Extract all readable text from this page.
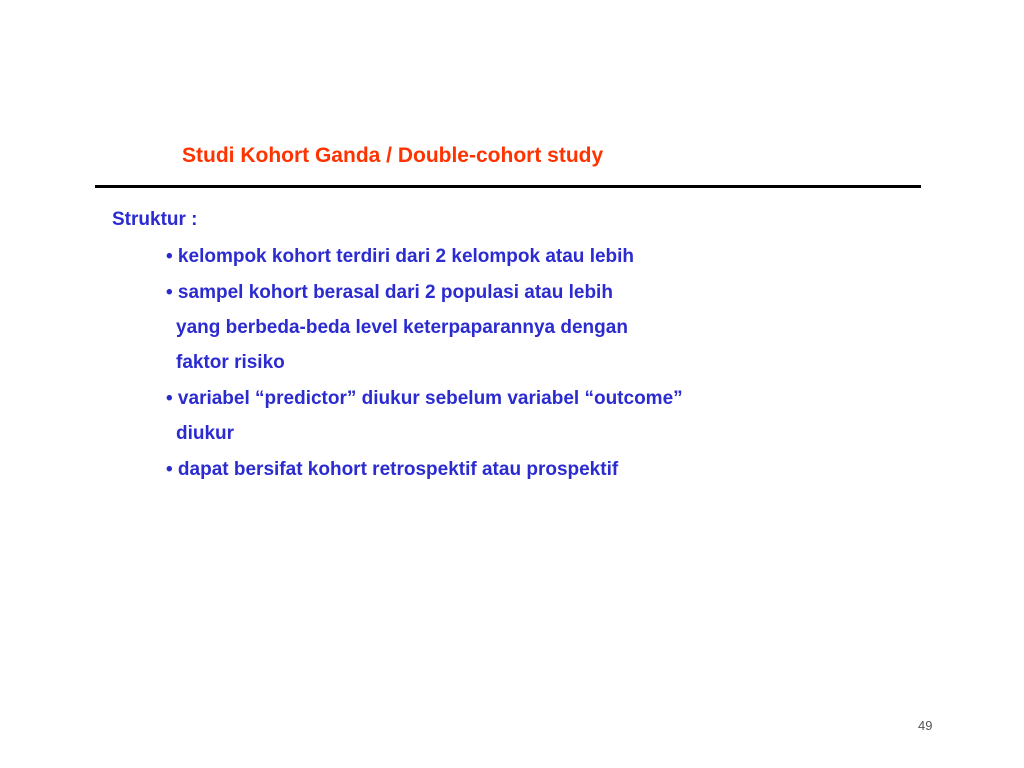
Studi Kohort Ganda / Double-cohort study
Struktur :
• kelompok kohort terdiri dari 2 kelompok atau lebih
• sampel kohort berasal dari 2 populasi atau lebih
yang berbeda-beda level keterpaparannya dengan
faktor risiko
• variabel “predictor” diukur sebelum variabel “outcome”
diukur
• dapat bersifat kohort retrospektif atau prospektif
49
